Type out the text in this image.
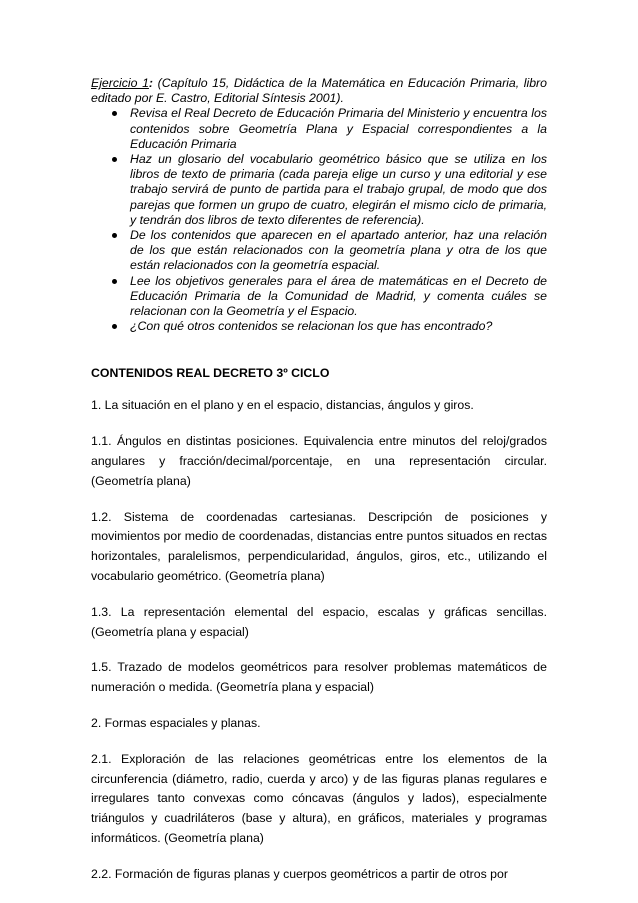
Ejercicio 1: (Capítulo 15, Didáctica de la Matemática en Educación Primaria, libro editado por E. Castro, Editorial Síntesis 2001).

Revisa el Real Decreto de Educación Primaria del Ministerio y encuentra los contenidos sobre Geometría Plana y Espacial correspondientes a la Educación Primaria
Haz un glosario del vocabulario geométrico básico que se utiliza en los libros de texto de primaria (cada pareja elige un curso y una editorial y ese trabajo servirá de punto de partida para el trabajo grupal, de modo que dos parejas que formen un grupo de cuatro, elegirán el mismo ciclo de primaria, y tendrán dos libros de texto diferentes de referencia).
De los contenidos que aparecen en el apartado anterior, haz una relación de los que están relacionados con la geometría plana y otra de los que están relacionados con la geometría espacial.
Lee los objetivos generales para el área de matemáticas en el Decreto de Educación Primaria de la Comunidad de Madrid, y comenta cuáles se relacionan con la Geometría y el Espacio.
¿Con qué otros contenidos se relacionan los que has encontrado?
CONTENIDOS REAL DECRETO 3º CICLO

1. La situación en el plano y en el espacio, distancias, ángulos y giros.

1.1. Ángulos en distintas posiciones. Equivalencia entre minutos del reloj/grados angulares y fracción/decimal/porcentaje, en una representación circular. (Geometría plana)

1.2. Sistema de coordenadas cartesianas. Descripción de posiciones y movimientos por medio de coordenadas, distancias entre puntos situados en rectas horizontales, paralelismos, perpendicularidad, ángulos, giros, etc., utilizando el vocabulario geométrico. (Geometría plana)

1.3. La representación elemental del espacio, escalas y gráficas sencillas. (Geometría plana y espacial)

1.5. Trazado de modelos geométricos para resolver problemas matemáticos de numeración o medida. (Geometría plana y espacial)

2. Formas espaciales y planas.

2.1. Exploración de las relaciones geométricas entre los elementos de la circunferencia (diámetro, radio, cuerda y arco) y de las figuras planas regulares e irregulares tanto convexas como cóncavas (ángulos y lados), especialmente triángulos y cuadriláteros (base y altura), en gráficos, materiales y programas informáticos. (Geometría plana)

2.2. Formación de figuras planas y cuerpos geométricos a partir de otros por
